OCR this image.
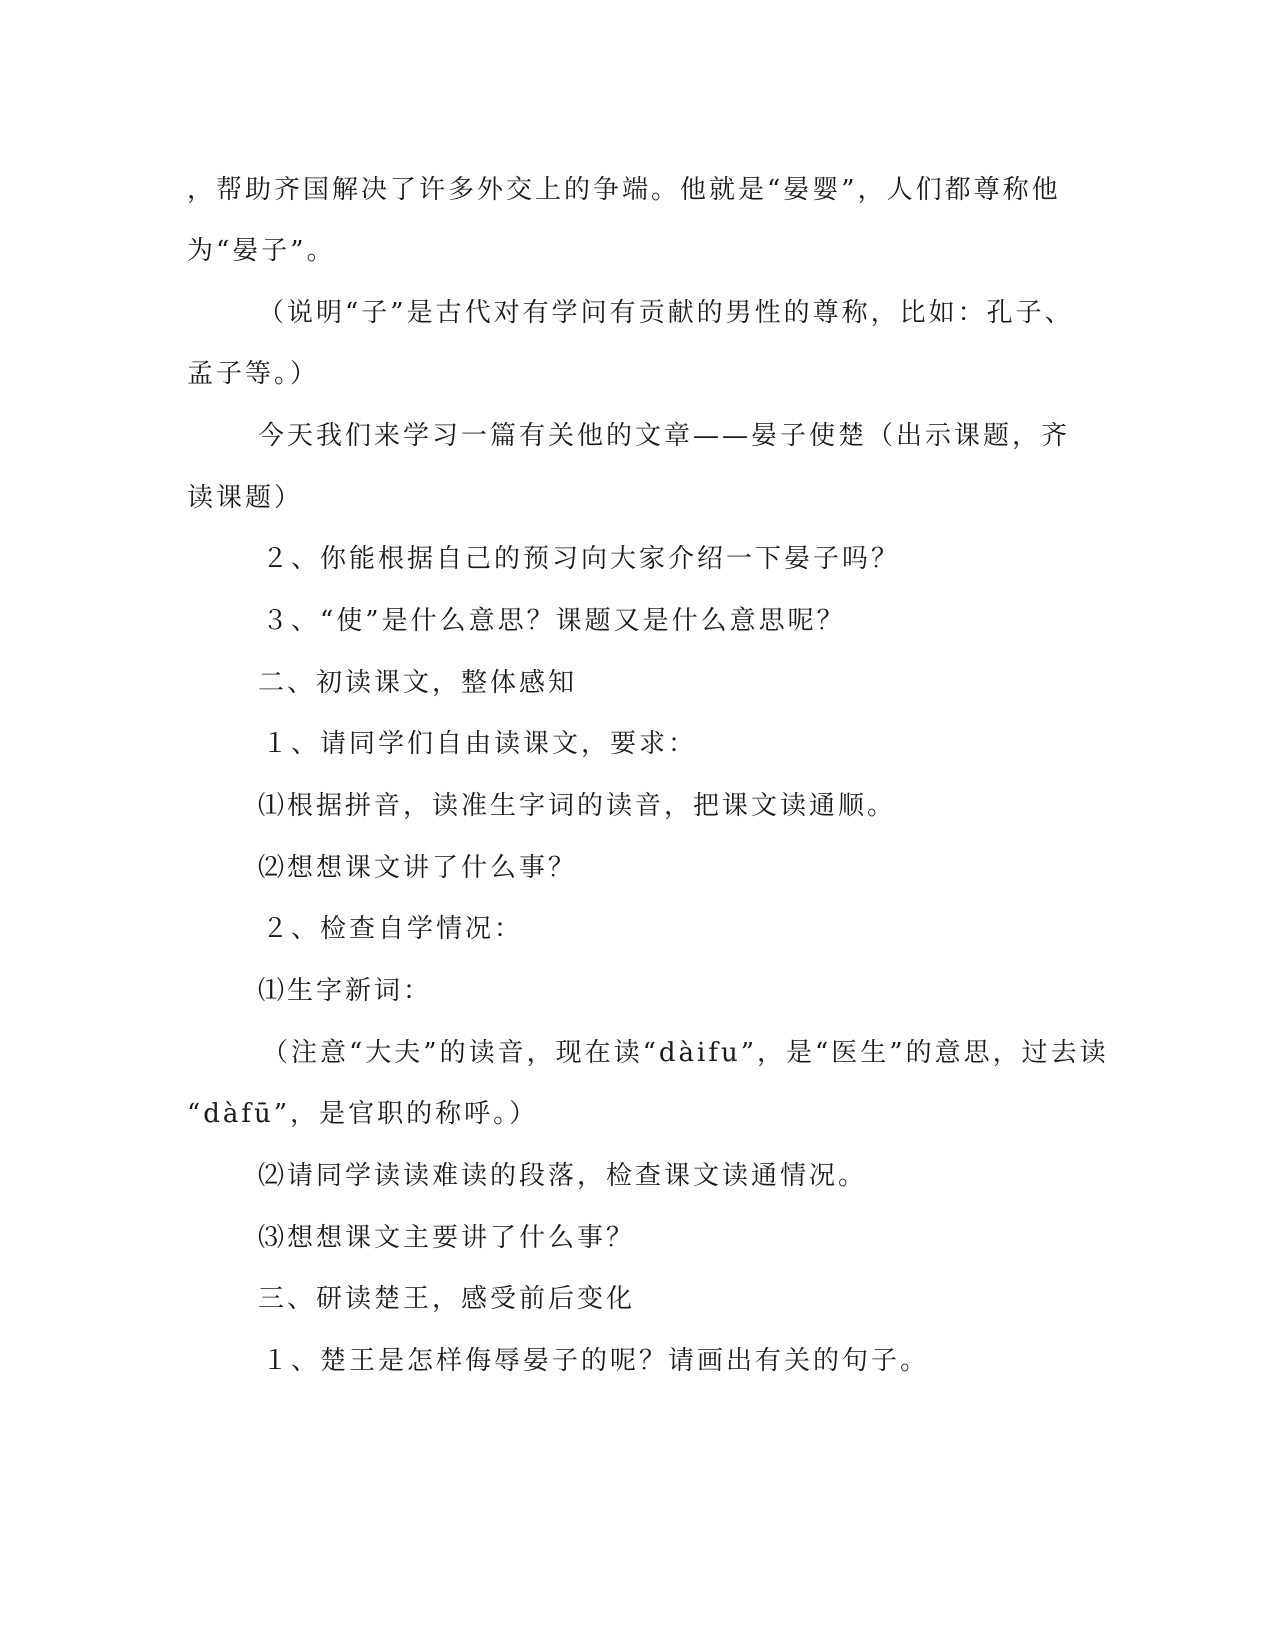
，帮助齐国解决了许多外交上的争端。他就是“晏婴”，人们都尊称他
为“晏子”。
（说明“子”是古代对有学问有贡献的男性的尊称，比如：孔子、
孟子等。）
今天我们来学习一篇有关他的文章——晏子使楚（出示课题，齐
读课题）
２、你能根据自己的预习向大家介绍一下晏子吗？
３、“使”是什么意思？课题又是什么意思呢？
二、初读课文，整体感知
１、请同学们自由读课文，要求：
⑴根据拼音，读准生字词的读音，把课文读通顺。
⑵想想课文讲了什么事？
２、检查自学情况：
⑴生字新词：
（注意“大夫”的读音，现在读“dàifu”，是“医生”的意思，过去读
“dàfū”，是官职的称呼。）
⑵请同学读读难读的段落，检查课文读通情况。
⑶想想课文主要讲了什么事？
三、研读楚王，感受前后变化
１、楚王是怎样侮辱晏子的呢？请画出有关的句子。
